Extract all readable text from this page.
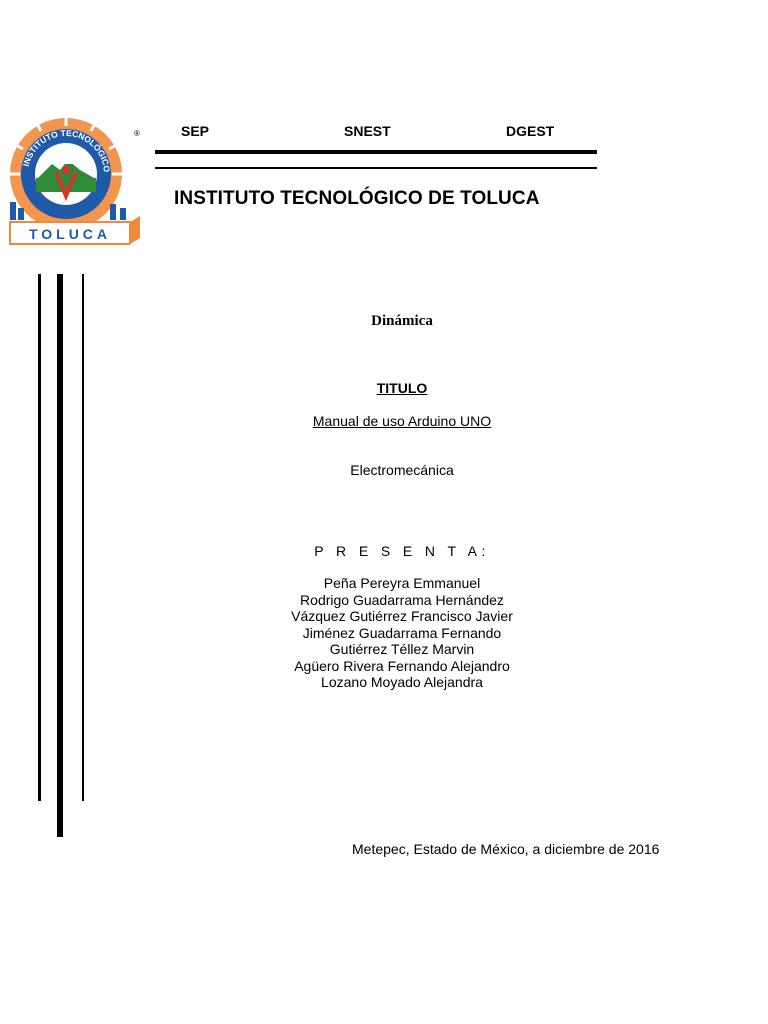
INSTITUTO TECNOLÓGICO
TOLUCA
®	SEP	SNEST	DGEST
INSTITUTO TECNOLÓGICO DE TOLUCA
Dinámica
TITULO
Manual de uso Arduino UNO
Electromecánica
P R E S E N T A:
Peña Pereyra Emmanuel
Rodrigo Guadarrama Hernández
Vázquez Gutiérrez Francisco Javier
Jiménez Guadarrama Fernando
Gutiérrez Téllez Marvin
Agüero Rivera Fernando Alejandro
Lozano Moyado Alejandra
Metepec, Estado de México, a diciembre de 2016
